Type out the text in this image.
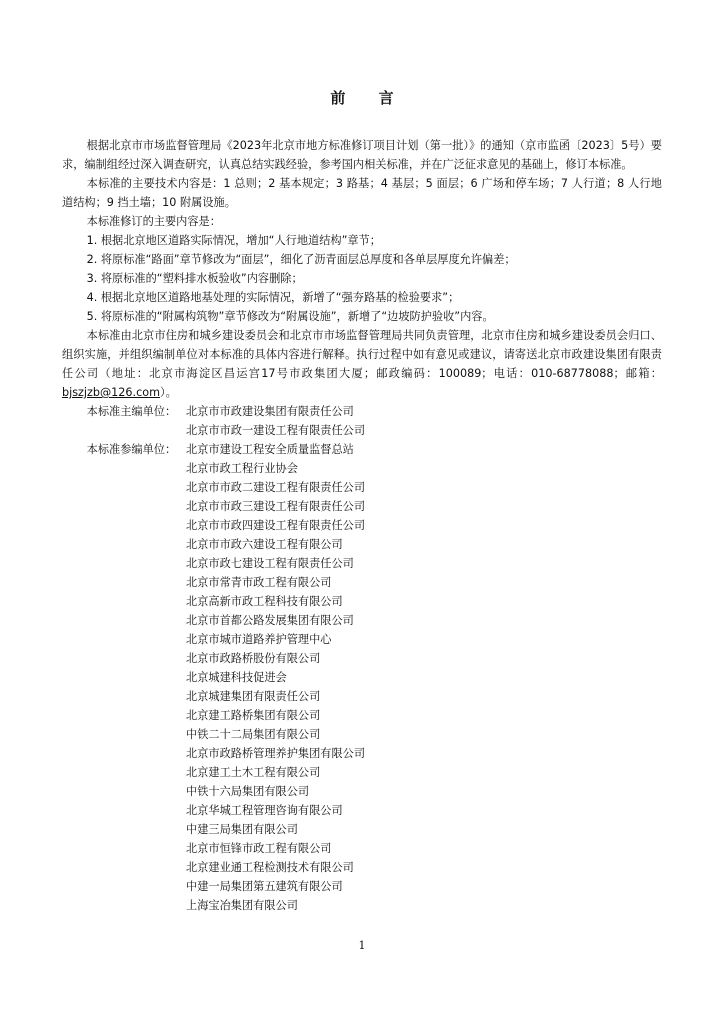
前 言

根据北京市市场监督管理局《2023年北京市地方标准修订项目计划（第一批）》的通知（京市监函〔2023〕5号）要求，编制组经过深入调查研究，认真总结实践经验，参考国内相关标准，并在广泛征求意见的基础上，修订本标准。

本标准的主要技术内容是：1 总则；2 基本规定；3 路基；4 基层；5 面层；6 广场和停车场；7 人行道；8 人行地道结构；9 挡土墙；10 附属设施。

本标准修订的主要内容是：

1. 根据北京地区道路实际情况，增加“人行地道结构”章节；

2. 将原标准“路面”章节修改为“面层”，细化了沥青面层总厚度和各单层厚度允许偏差；

3. 将原标准的“塑料排水板验收”内容删除；

4. 根据北京地区道路地基处理的实际情况，新增了“强夯路基的检验要求”；

5. 将原标准的“附属构筑物”章节修改为“附属设施”，新增了“边坡防护验收”内容。

本标准由北京市住房和城乡建设委员会和北京市市场监督管理局共同负责管理，北京市住房和城乡建设委员会归口、组织实施，并组织编制单位对本标准的具体内容进行解释。执行过程中如有意见或建议，请寄送北京市政建设集团有限责任公司（地址：北京市海淀区昌运宫17号市政集团大厦；邮政编码：100089；电话：010-68778088；邮箱：bjszjzb@126.com）。

本标准主编单位： 北京市市政建设集团有限责任公司
北京市市政一建设工程有限责任公司
本标准参编单位： 北京市建设工程安全质量监督总站
北京市政工程行业协会
北京市市政二建设工程有限责任公司
北京市市政三建设工程有限责任公司
北京市市政四建设工程有限责任公司
北京市市政六建设工程有限公司
北京市政七建设工程有限责任公司
北京市常青市政工程有限公司
北京高新市政工程科技有限公司
北京市首都公路发展集团有限公司
北京市城市道路养护管理中心
北京市政路桥股份有限公司
北京城建科技促进会
北京城建集团有限责任公司
北京建工路桥集团有限公司
中铁二十二局集团有限公司
北京市政路桥管理养护集团有限公司
北京建工土木工程有限公司
中铁十六局集团有限公司
北京华城工程管理咨询有限公司
中建三局集团有限公司
北京市恒锋市政工程有限公司
北京建业通工程检测技术有限公司
中建一局集团第五建筑有限公司
上海宝冶集团有限公司
1
